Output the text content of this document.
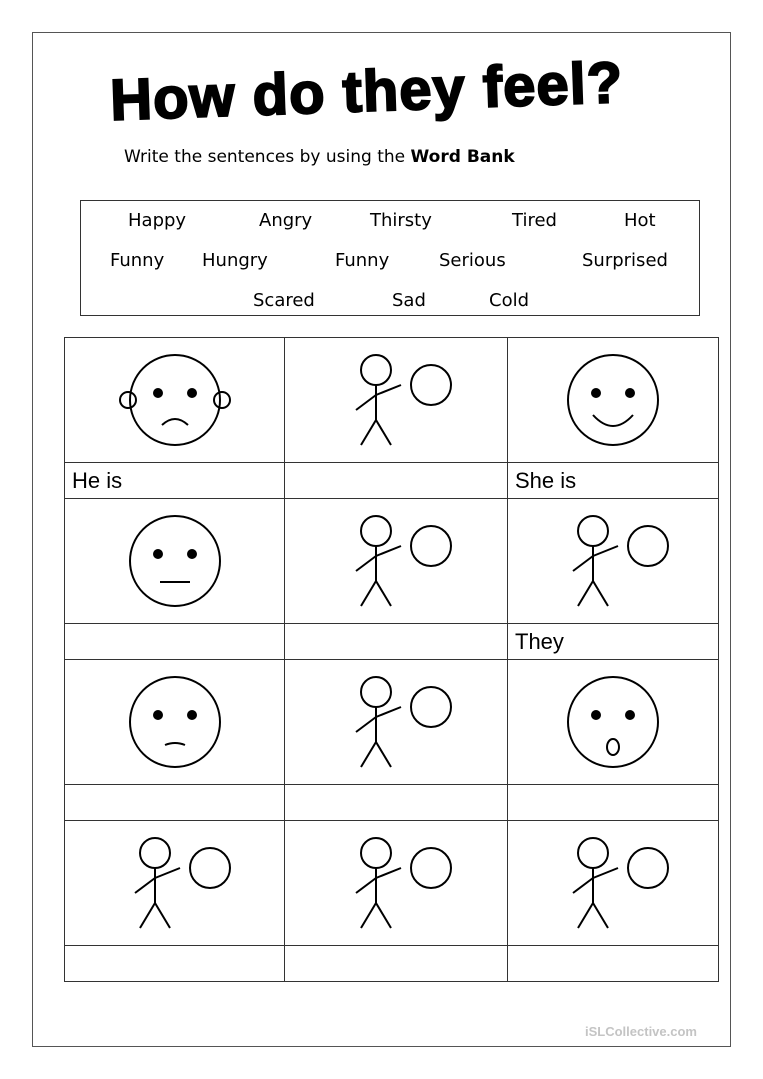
How do they feel?
Write the sentences by using the Word Bank
Happy	Angry	Thirsty	Tired	Hot
Funny Hungry	Funny	Serious	Surprised
Scared	Sad	Cold

He is		She is

		They

iSLCollective.com
